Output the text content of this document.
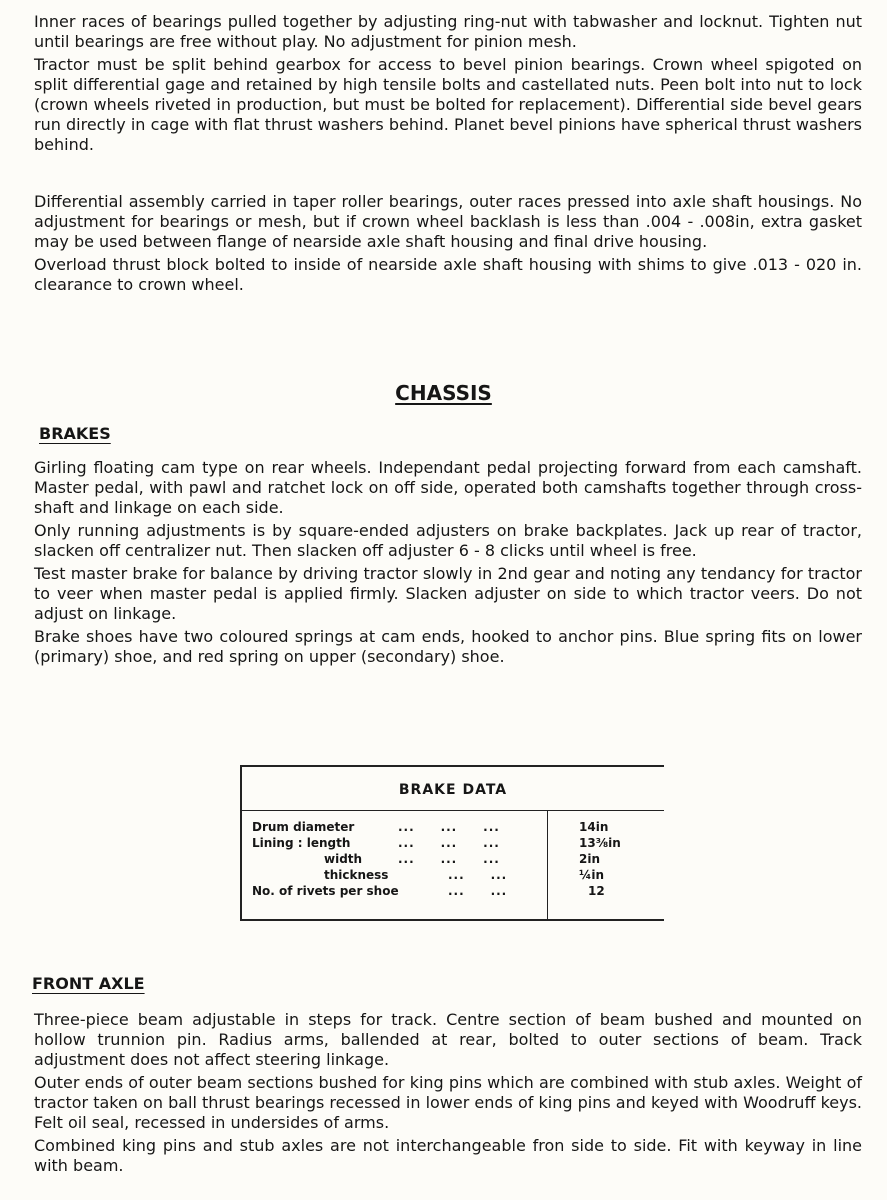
Inner races of bearings pulled together by adjusting ring-nut with tabwasher and locknut. Tighten nut until bearings are free without play. No adjustment for pinion mesh.

Tractor must be split behind gearbox for access to bevel pinion bearings. Crown wheel spigoted on split differential gage and retained by high tensile bolts and castellated nuts. Peen bolt into nut to lock (crown wheels riveted in production, but must be bolted for replacement). Differential side bevel gears run directly in cage with flat thrust washers behind. Planet bevel pinions have spherical thrust washers behind.

Differential assembly carried in taper roller bearings, outer races pressed into axle shaft housings. No adjustment for bearings or mesh, but if crown wheel backlash is less than .004 - .008in, extra gasket may be used between flange of nearside axle shaft housing and final drive housing.

Overload thrust block bolted to inside of nearside axle shaft housing with shims to give .013 - 020 in. clearance to crown wheel.

CHASSIS
BRAKES

Girling floating cam type on rear wheels. Independant pedal projecting forward from each camshaft. Master pedal, with pawl and ratchet lock on off side, operated both camshafts together through cross-shaft and linkage on each side.

Only running adjustments is by square-ended adjusters on brake backplates. Jack up rear of tractor, slacken off centralizer nut. Then slacken off adjuster 6 - 8 clicks until wheel is free.

Test master brake for balance by driving tractor slowly in 2nd gear and noting any tendancy for tractor to veer when master pedal is applied firmly. Slacken adjuster on side to which tractor veers. Do not adjust on linkage.

Brake shoes have two coloured springs at cam ends, hooked to anchor pins. Blue spring fits on lower (primary) shoe, and red spring on upper (secondary) shoe.

BRAKE DATA
Drum diameter	...     ...     ...	14in
Lining : length	...     ...     ...	13⅜in
width	...     ...     ...	2in
thickness	...     ...	¼in
No. of rivets per shoe	...     ...	12
FRONT AXLE

Three-piece beam adjustable in steps for track. Centre section of beam bushed and mounted on hollow trunnion pin. Radius arms, ballended at rear, bolted to outer sections of beam. Track adjustment does not affect steering linkage.

Outer ends of outer beam sections bushed for king pins which are combined with stub axles. Weight of tractor taken on ball thrust bearings recessed in lower ends of king pins and keyed with Woodruff keys. Felt oil seal, recessed in undersides of arms.

Combined king pins and stub axles are not interchangeable fron side to side. Fit with keyway in line with beam.
